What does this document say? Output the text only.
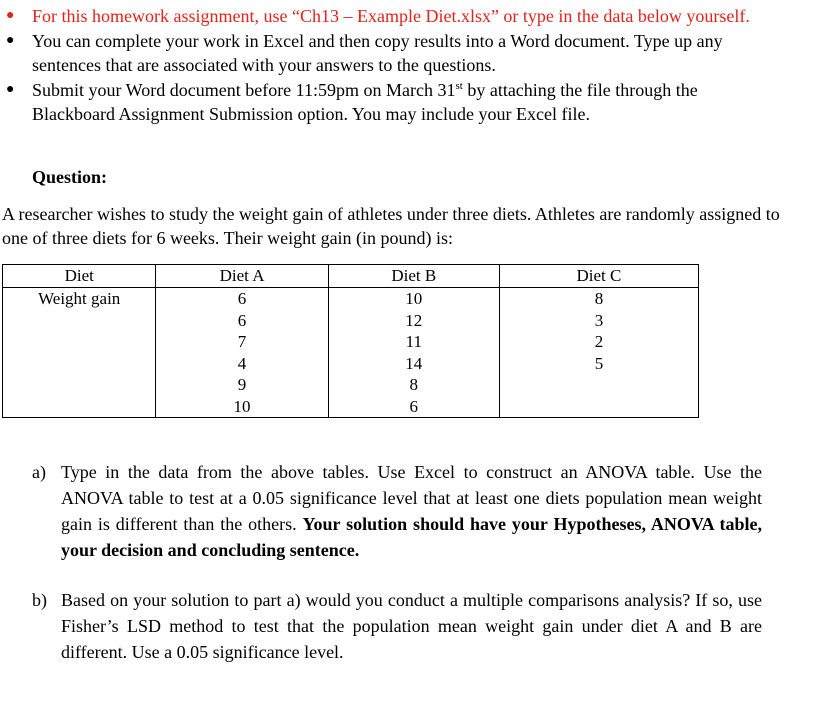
● For this homework assignment, use “Ch13 – Example Diet.xlsx” or type in the data below yourself.
● You can complete your work in Excel and then copy results into a Word document. Type up any sentences that are associated with your answers to the questions.
● Submit your Word document before 11:59pm on March 31st by attaching the file through the Blackboard Assignment Submission option. You may include your Excel file.
Question:
A researcher wishes to study the weight gain of athletes under three diets. Athletes are randomly assigned to one of three diets for 6 weeks. Their weight gain (in pound) is:
Diet	Diet A	Diet B	Diet C
Weight gain	6	10	8
	6	12	3
	7	11	2
	4	14	5
	9	8	
	10	6	
a) Type in the data from the above tables. Use Excel to construct an ANOVA table. Use the ANOVA table to test at a 0.05 significance level that at least one diets population mean weight gain is different than the others. Your solution should have your Hypotheses, ANOVA table, your decision and concluding sentence.
b) Based on your solution to part a) would you conduct a multiple comparisons analysis? If so, use Fisher’s LSD method to test that the population mean weight gain under diet A and B are different. Use a 0.05 significance level.
